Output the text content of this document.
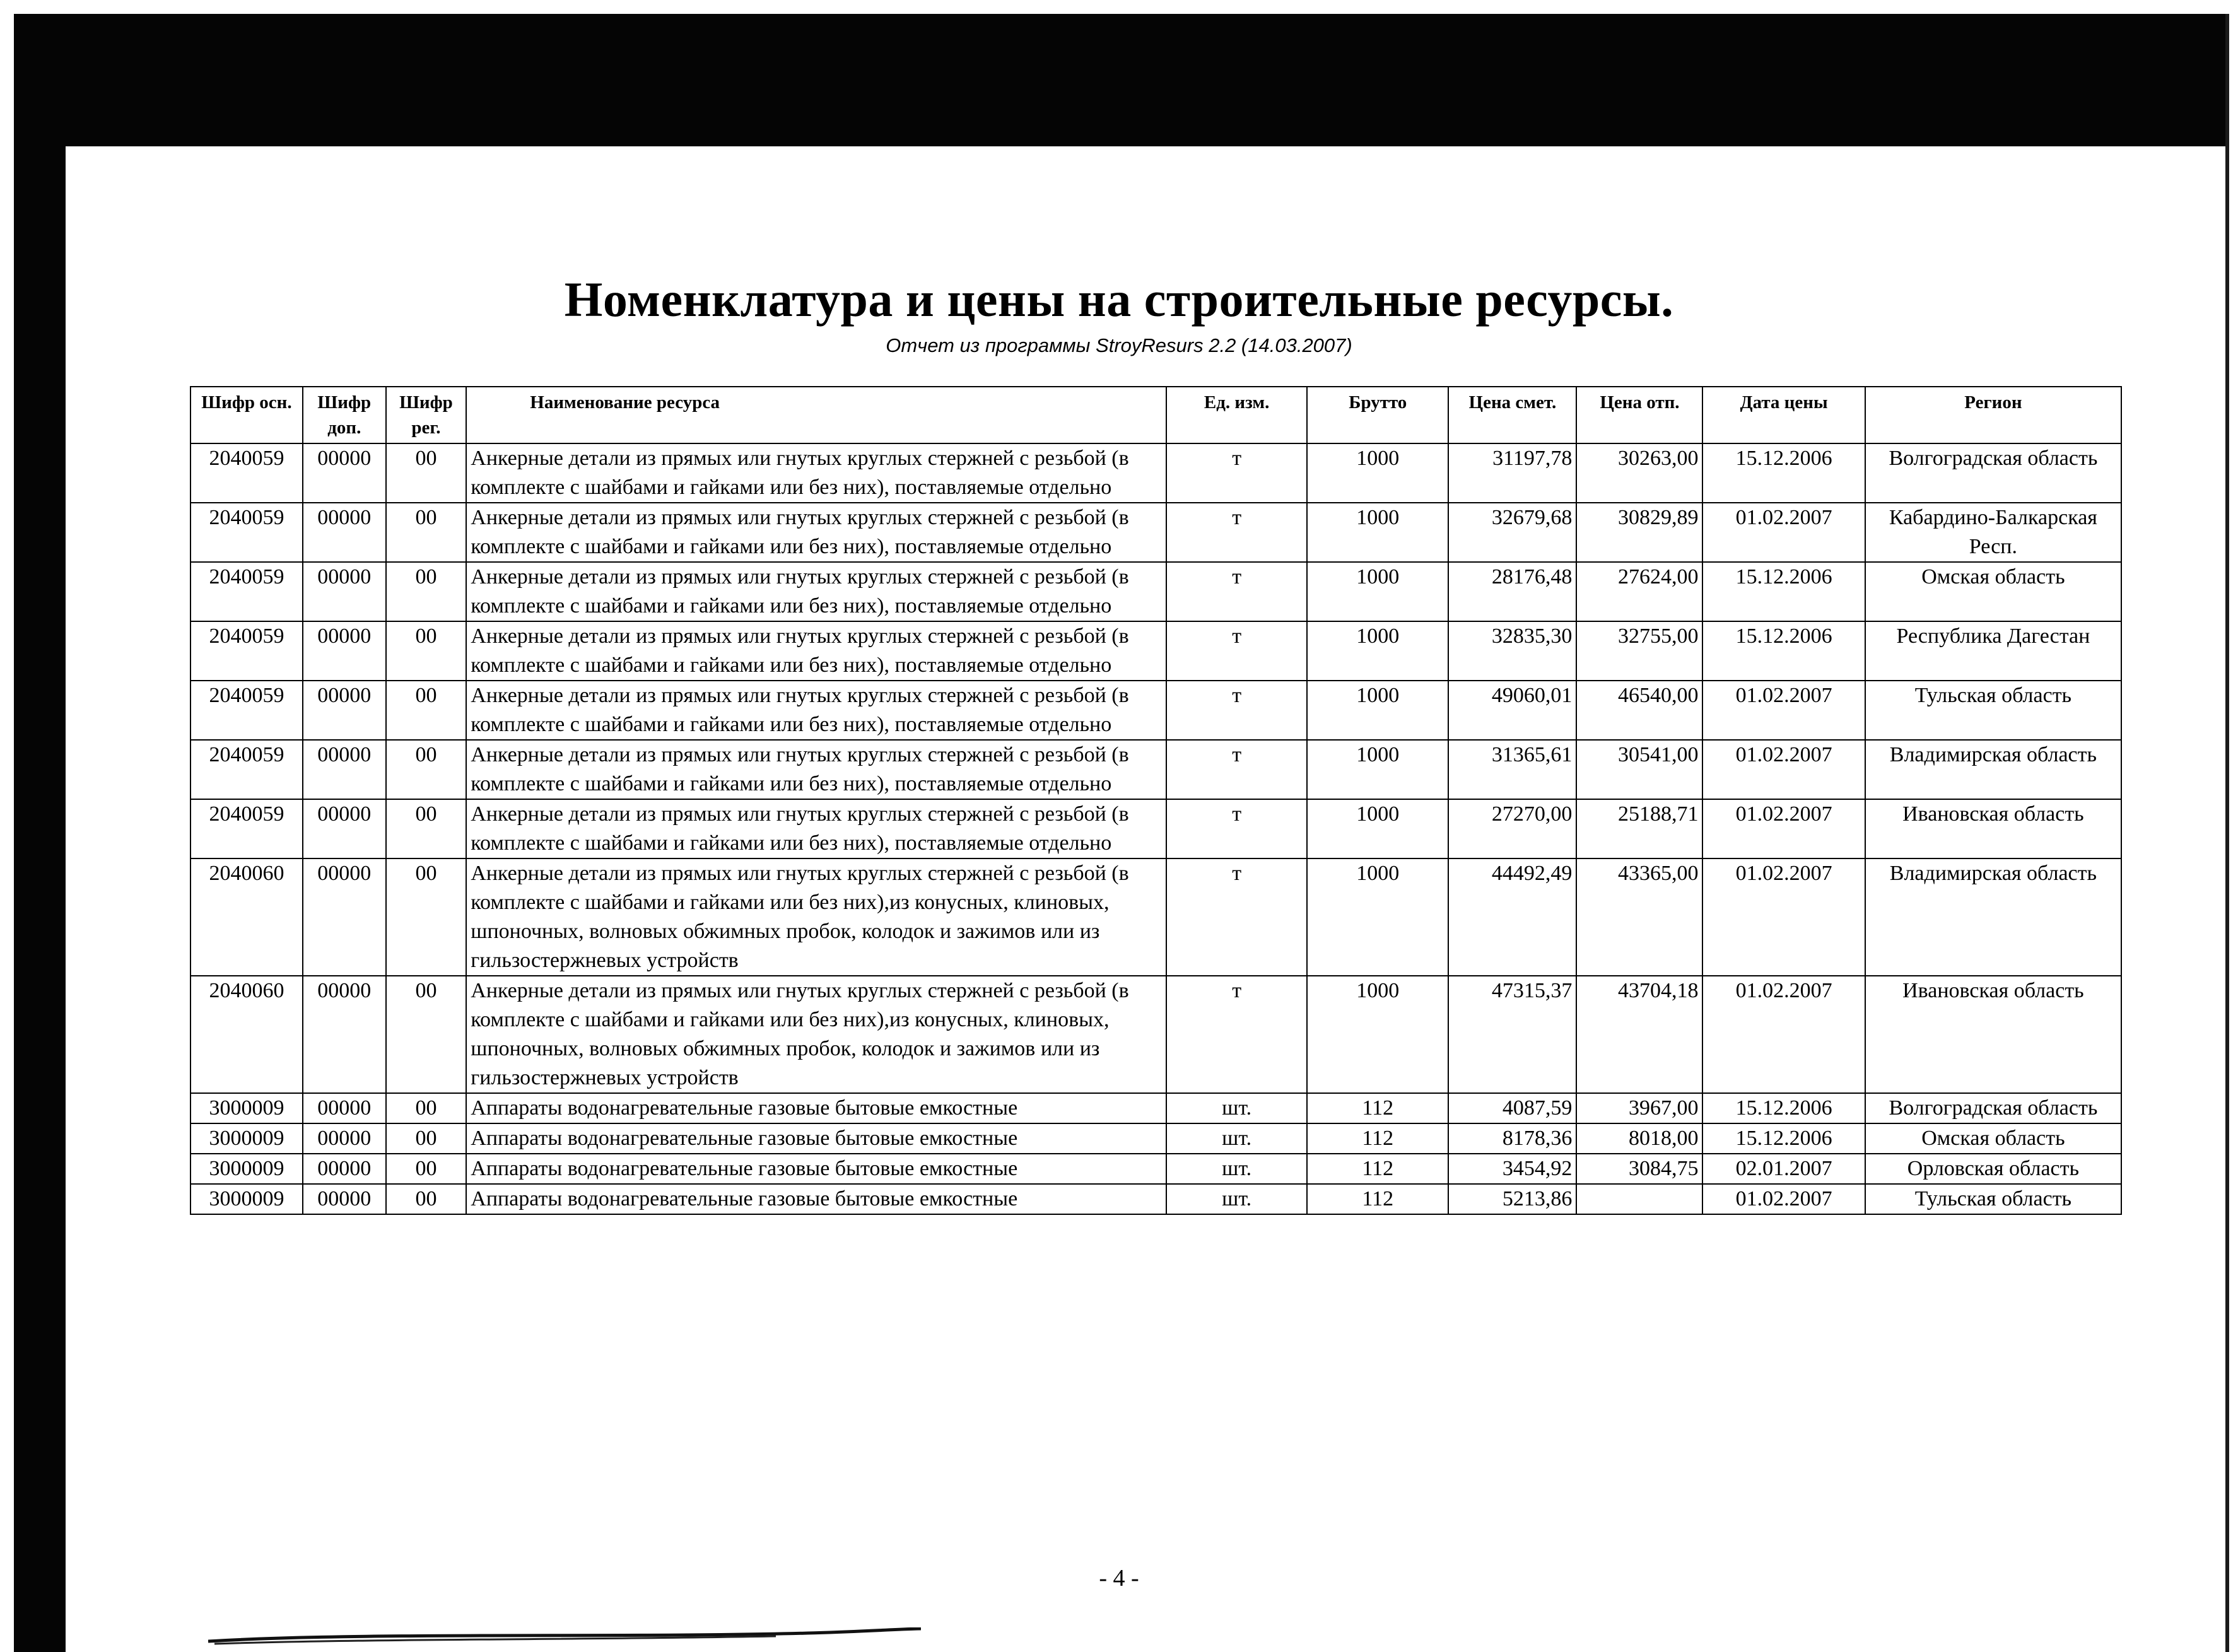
Номенклатура и цены на строительные ресурсы.
Отчет из программы StroyResurs 2.2 (14.03.2007)
Шифр осн.	Шифр доп.	Шифр рег.	Наименование ресурса	Ед. изм.	Брутто	Цена смет.	Цена отп.	Дата цены	Регион
2040059	00000	00	Анкерные детали из прямых или гнутых круглых стержней с резьбой (в комплекте с шайбами и гайками или без них), поставляемые отдельно	т	1000	31197,78	30263,00	15.12.2006	Волгоградская область
2040059	00000	00	Анкерные детали из прямых или гнутых круглых стержней с резьбой (в комплекте с шайбами и гайками или без них), поставляемые отдельно	т	1000	32679,68	30829,89	01.02.2007	Кабардино-Балкарская Респ.
2040059	00000	00	Анкерные детали из прямых или гнутых круглых стержней с резьбой (в комплекте с шайбами и гайками или без них), поставляемые отдельно	т	1000	28176,48	27624,00	15.12.2006	Омская область
2040059	00000	00	Анкерные детали из прямых или гнутых круглых стержней с резьбой (в комплекте с шайбами и гайками или без них), поставляемые отдельно	т	1000	32835,30	32755,00	15.12.2006	Республика Дагестан
2040059	00000	00	Анкерные детали из прямых или гнутых круглых стержней с резьбой (в комплекте с шайбами и гайками или без них), поставляемые отдельно	т	1000	49060,01	46540,00	01.02.2007	Тульская область
2040059	00000	00	Анкерные детали из прямых или гнутых круглых стержней с резьбой (в комплекте с шайбами и гайками или без них), поставляемые отдельно	т	1000	31365,61	30541,00	01.02.2007	Владимирская область
2040059	00000	00	Анкерные детали из прямых или гнутых круглых стержней с резьбой (в комплекте с шайбами и гайками или без них), поставляемые отдельно	т	1000	27270,00	25188,71	01.02.2007	Ивановская область
2040060	00000	00	Анкерные детали из прямых или гнутых круглых стержней с резьбой (в комплекте с шайбами и гайками или без них),из конусных, клиновых, шпоночных, волновых обжимных пробок, колодок и зажимов или из гильзостержневых устройств	т	1000	44492,49	43365,00	01.02.2007	Владимирская область
2040060	00000	00	Анкерные детали из прямых или гнутых круглых стержней с резьбой (в комплекте с шайбами и гайками или без них),из конусных, клиновых, шпоночных, волновых обжимных пробок, колодок и зажимов или из гильзостержневых устройств	т	1000	47315,37	43704,18	01.02.2007	Ивановская область
3000009	00000	00	Аппараты водонагревательные газовые бытовые емкостные	шт.	112	4087,59	3967,00	15.12.2006	Волгоградская область
3000009	00000	00	Аппараты водонагревательные газовые бытовые емкостные	шт.	112	8178,36	8018,00	15.12.2006	Омская область
3000009	00000	00	Аппараты водонагревательные газовые бытовые емкостные	шт.	112	3454,92	3084,75	02.01.2007	Орловская область
3000009	00000	00	Аппараты водонагревательные газовые бытовые емкостные	шт.	112	5213,86		01.02.2007	Тульская область
- 4 -
